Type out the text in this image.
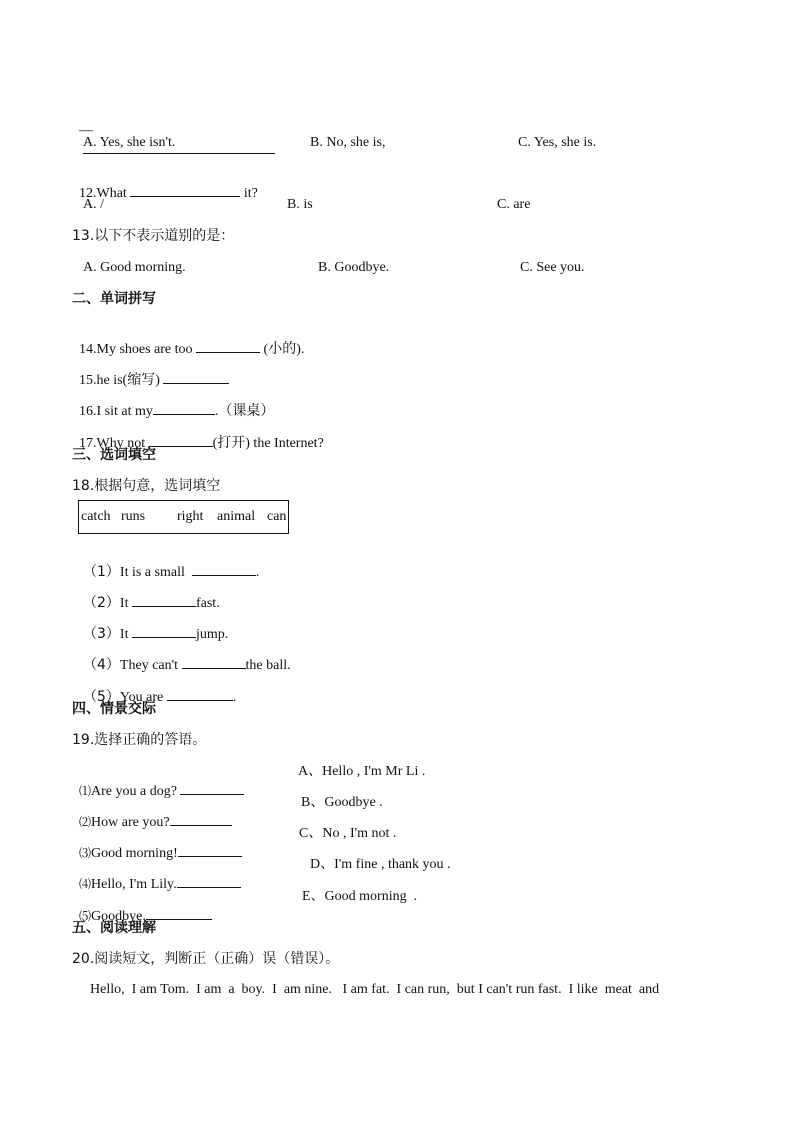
—

A. Yes, she isn't.	B. No, she is,	C. Yes, she is.

12.What	it?

A. /	B. is	C. are
13.以下不表示道别的是：
A. Good morning.	B. Goodbye.	C. See you.
二、单词拼写

14.My shoes are too	(小的).

15.he is(缩写)

16.I sit at my	.（课桌）

17.Why not	(打开) the Internet?

三、选词填空
18.根据句意，选词填空
catch runs right animal can

（1）It is a small	.

（2）It	fast.

（3）It	jump.

（4）They can't	the ball.

（5）You are	.

四、情景交际
19.选择正确的答语。

⑴Are you a dog?

A、Hello , I'm Mr Li .

⑵How are you?

B、Goodbye .

⑶Good morning!

C、No , I'm not .

⑷Hello, I'm Lily.

D、I'm fine , thank you .

⑸Goodbye.

E、Good morning  .
五、阅读理解
20.阅读短文，判断正（正确）误（错误）。
Hello,  I am Tom.  I am  a  boy.  I  am nine.   I am fat.  I can run,  but I can't run fast.  I like  meat  and
